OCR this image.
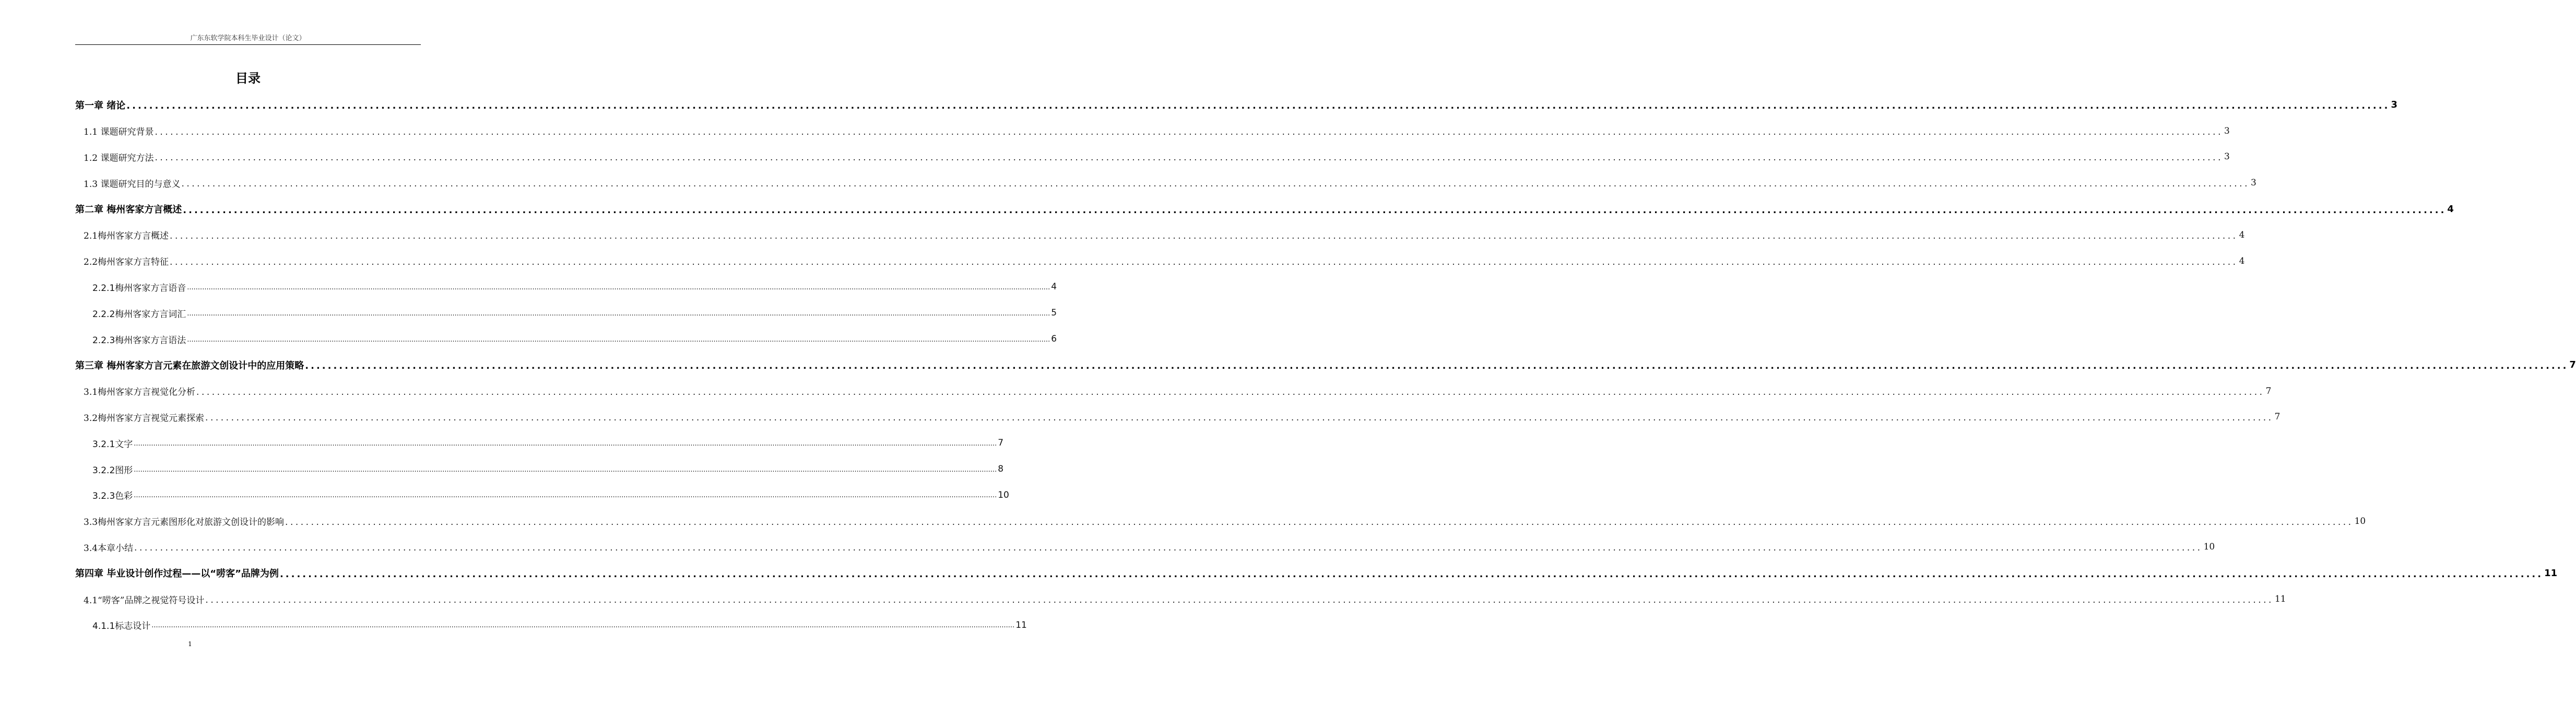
广东东软学院本科生毕业设计（论文）
目录
第一章 绪论 ................................................................................................................................................................................................................................................................................................................................................................................................................ 3
1.1 课题研究背景 ................................................................................................................................................................................................................................................................................................................................................................................................................ 3
1.2 课题研究方法 ................................................................................................................................................................................................................................................................................................................................................................................................................ 3
1.3 课题研究目的与意义 ................................................................................................................................................................................................................................................................................................................................................................................................................ 3
第二章 梅州客家方言概述 ................................................................................................................................................................................................................................................................................................................................................................................................................ 4
2.1梅州客家方言概述 ................................................................................................................................................................................................................................................................................................................................................................................................................ 4
2.2梅州客家方言特征 ................................................................................................................................................................................................................................................................................................................................................................................................................ 4
2.2.1梅州客家方言语音 ................................................................................................................................................................................................................................................................................................................................................................................................................ 4
2.2.2梅州客家方言词汇 ................................................................................................................................................................................................................................................................................................................................................................................................................ 5
2.2.3梅州客家方言语法 ................................................................................................................................................................................................................................................................................................................................................................................................................ 6
第三章 梅州客家方言元素在旅游文创设计中的应用策略 ................................................................................................................................................................................................................................................................................................................................................................................................................ 7
3.1梅州客家方言视觉化分析 ................................................................................................................................................................................................................................................................................................................................................................................................................ 7
3.2梅州客家方言视觉元素探索 ................................................................................................................................................................................................................................................................................................................................................................................................................ 7
3.2.1文字 ................................................................................................................................................................................................................................................................................................................................................................................................................ 7
3.2.2图形 ................................................................................................................................................................................................................................................................................................................................................................................................................ 8
3.2.3色彩 ................................................................................................................................................................................................................................................................................................................................................................................................................ 10
3.3梅州客家方言元素图形化对旅游文创设计的影响 ................................................................................................................................................................................................................................................................................................................................................................................................................ 10
3.4本章小结 ................................................................................................................................................................................................................................................................................................................................................................................................................ 10
第四章 毕业设计创作过程——以“唠客”品牌为例 ................................................................................................................................................................................................................................................................................................................................................................................................................ 11
4.1“唠客”品牌之视觉符号设计 ................................................................................................................................................................................................................................................................................................................................................................................................................ 11
4.1.1标志设计 ................................................................................................................................................................................................................................................................................................................................................................................................................ 11
1
